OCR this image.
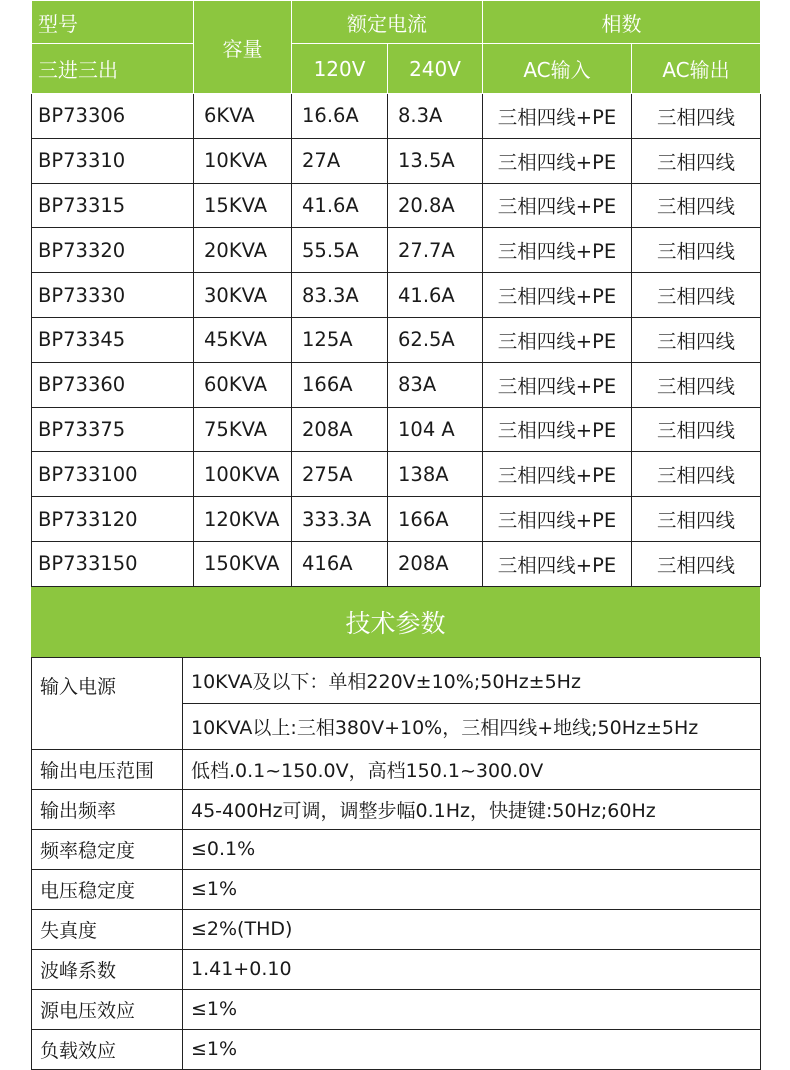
型号	容量	额定电流		相数	
三进三出		120V	240V	AC输入	AC输出
BP73306	6KVA	16.6A	8.3A	三相四线+PE	三相四线
BP73310	10KVA	27A	13.5A	三相四线+PE	三相四线
BP73315	15KVA	41.6A	20.8A	三相四线+PE	三相四线
BP73320	20KVA	55.5A	27.7A	三相四线+PE	三相四线
BP73330	30KVA	83.3A	41.6A	三相四线+PE	三相四线
BP73345	45KVA	125A	62.5A	三相四线+PE	三相四线
BP73360	60KVA	166A	83A	三相四线+PE	三相四线
BP73375	75KVA	208A	104 A	三相四线+PE	三相四线
BP733100	100KVA	275A	138A	三相四线+PE	三相四线
BP733120	120KVA	333.3A	166A	三相四线+PE	三相四线
BP733150	150KVA	416A	208A	三相四线+PE	三相四线
技术参数
输入电源	10KVA及以下：单相220V±10%;50Hz±5Hz
	10KVA以上:三相380V+10%，三相四线+地线;50Hz±5Hz
输出电压范围	低档.0.1~150.0V，高档150.1~300.0V
输出频率	45-400Hz可调，调整步幅0.1Hz，快捷键:50Hz;60Hz
频率稳定度	≤0.1%
电压稳定度	≤1%
失真度	≤2%(THD)
波峰系数	1.41+0.10
源电压效应	≤1%
负载效应	≤1%
